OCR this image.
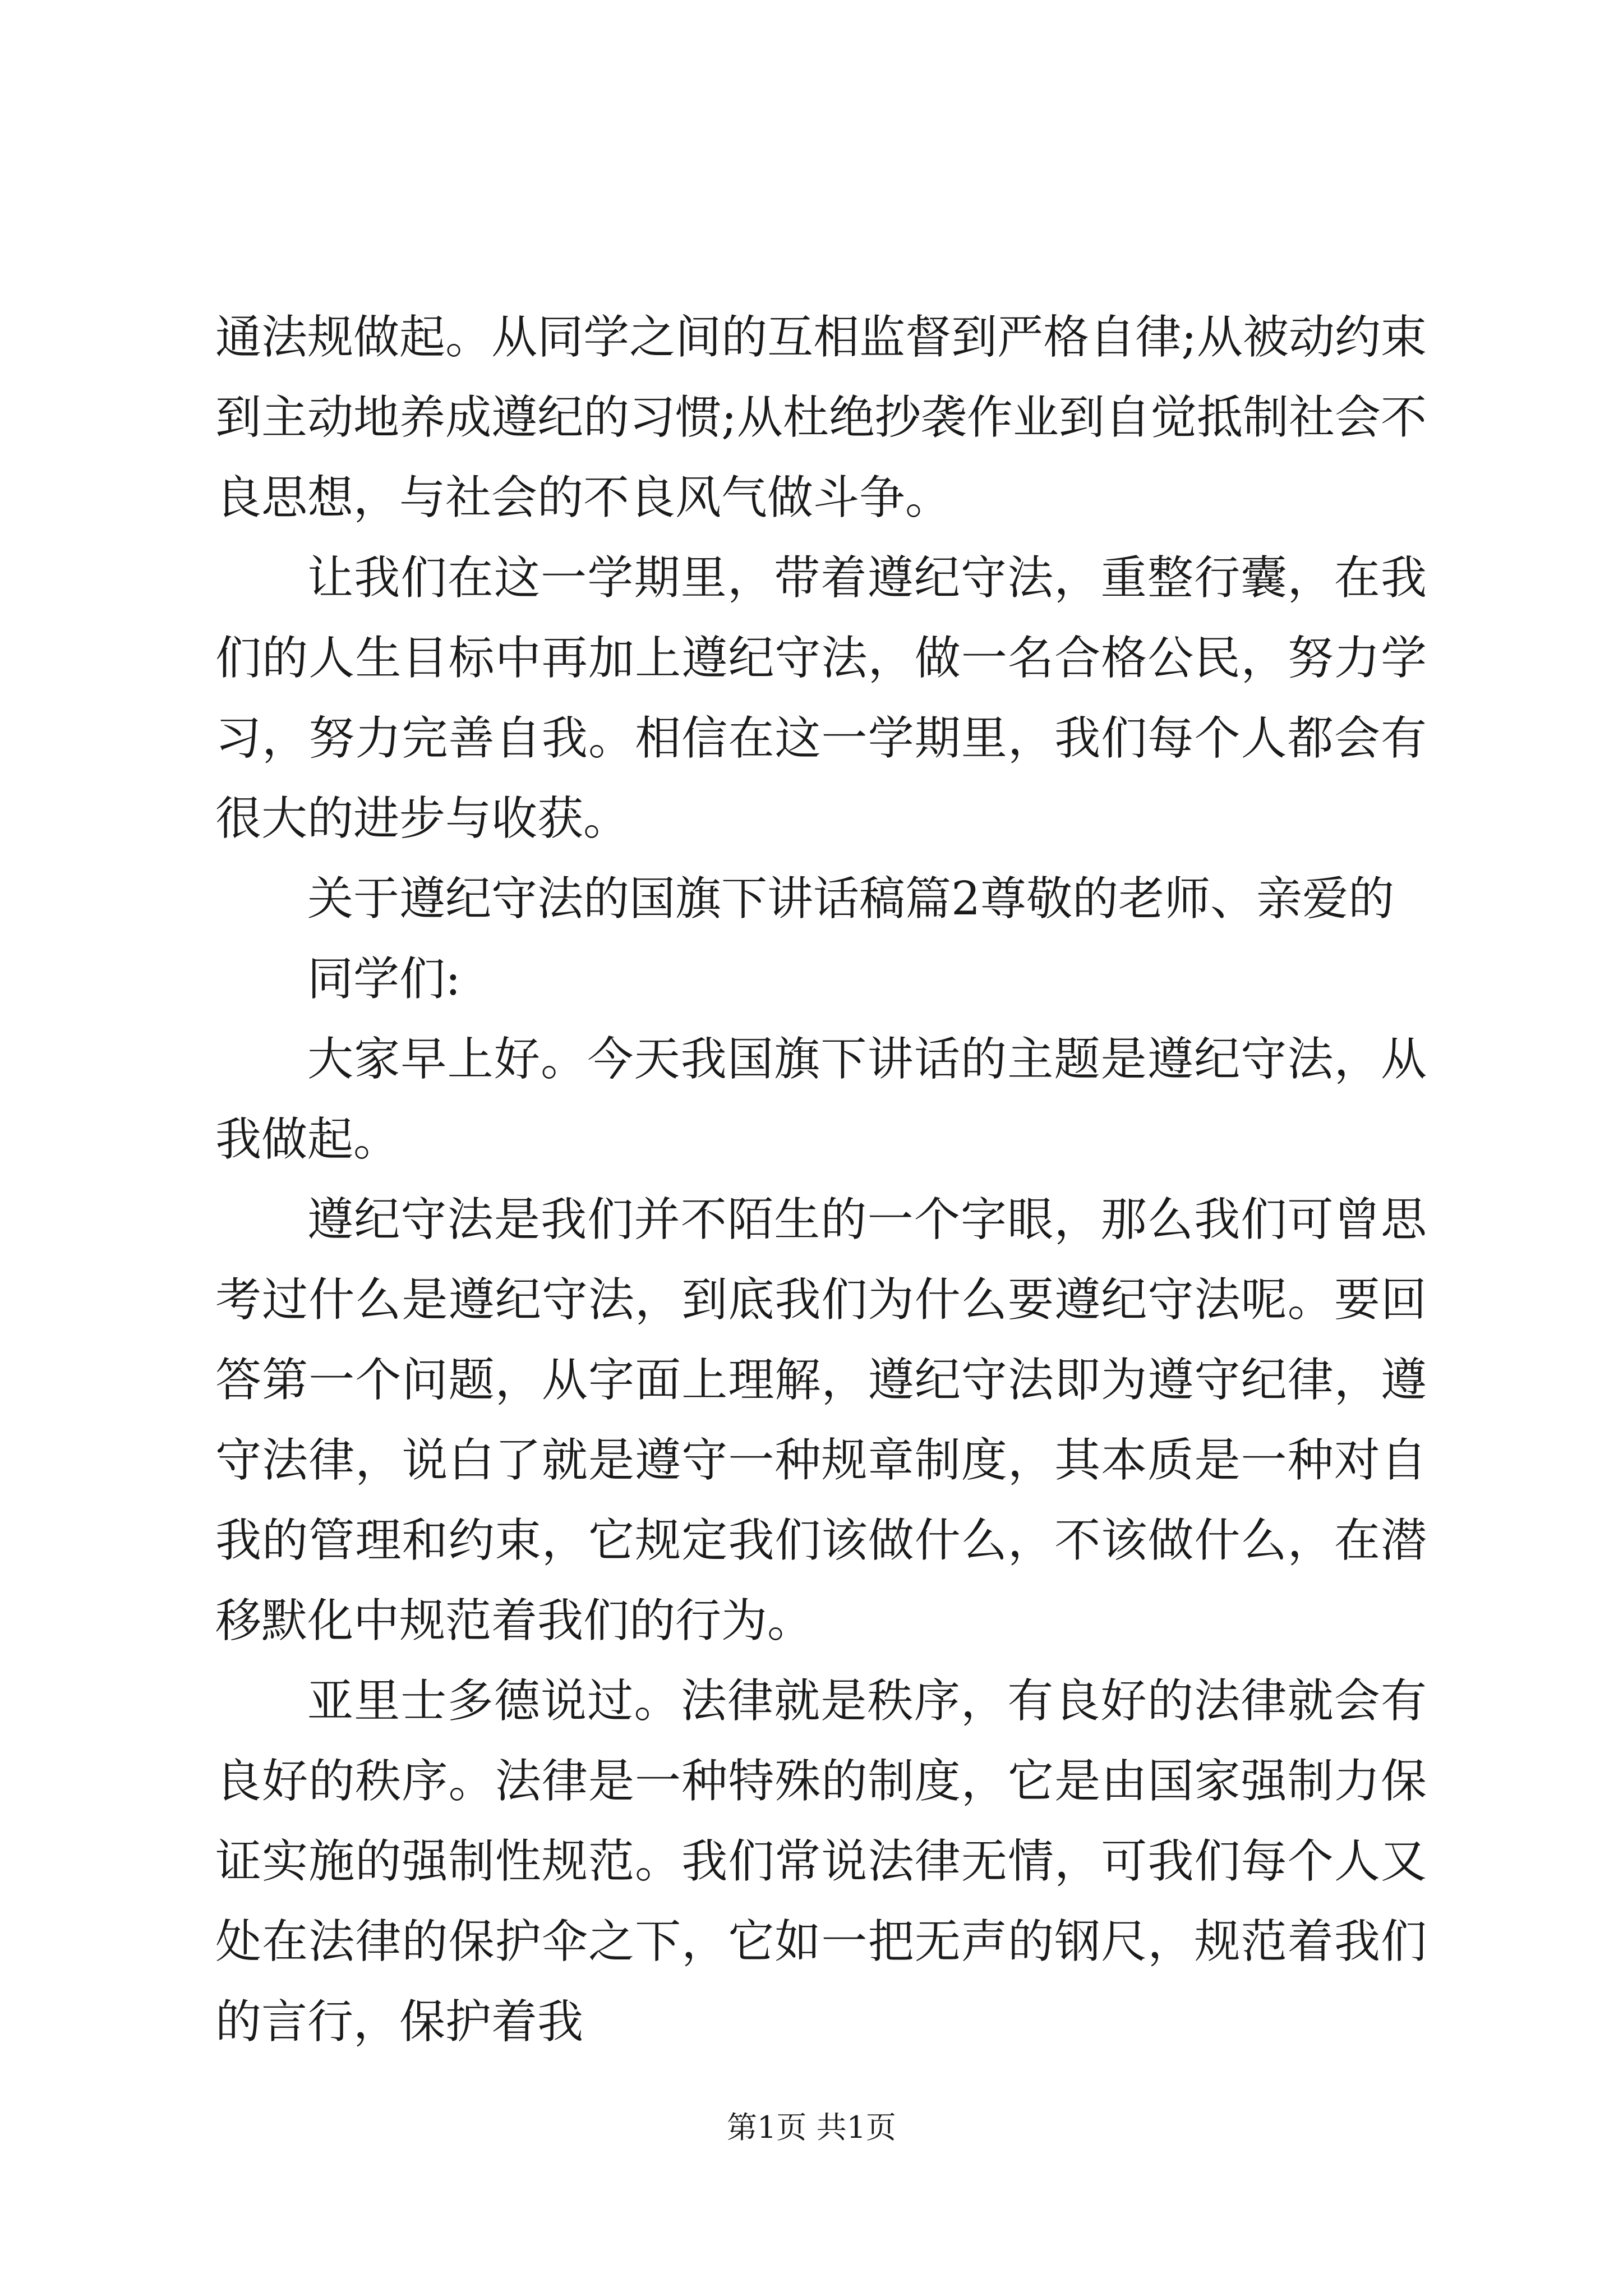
通法规做起。从同学之间的互相监督到严格自律;从被动约束到主动地养成遵纪的习惯;从杜绝抄袭作业到自觉抵制社会不良思想，与社会的不良风气做斗争。

让我们在这一学期里，带着遵纪守法，重整行囊，在我们的人生目标中再加上遵纪守法，做一名合格公民，努力学习，努力完善自我。相信在这一学期里，我们每个人都会有很大的进步与收获。

关于遵纪守法的国旗下讲话稿篇2尊敬的老师、亲爱的

同学们:

大家早上好。今天我国旗下讲话的主题是遵纪守法，从我做起。

遵纪守法是我们并不陌生的一个字眼，那么我们可曾思考过什么是遵纪守法，到底我们为什么要遵纪守法呢。要回答第一个问题，从字面上理解，遵纪守法即为遵守纪律，遵守法律，说白了就是遵守一种规章制度，其本质是一种对自我的管理和约束，它规定我们该做什么，不该做什么，在潜移默化中规范着我们的行为。

亚里士多德说过。法律就是秩序，有良好的法律就会有良好的秩序。法律是一种特殊的制度，它是由国家强制力保证实施的强制性规范。我们常说法律无情，可我们每个人又处在法律的保护伞之下，它如一把无声的钢尺，规范着我们的言行，保护着我

第1页 共1页
